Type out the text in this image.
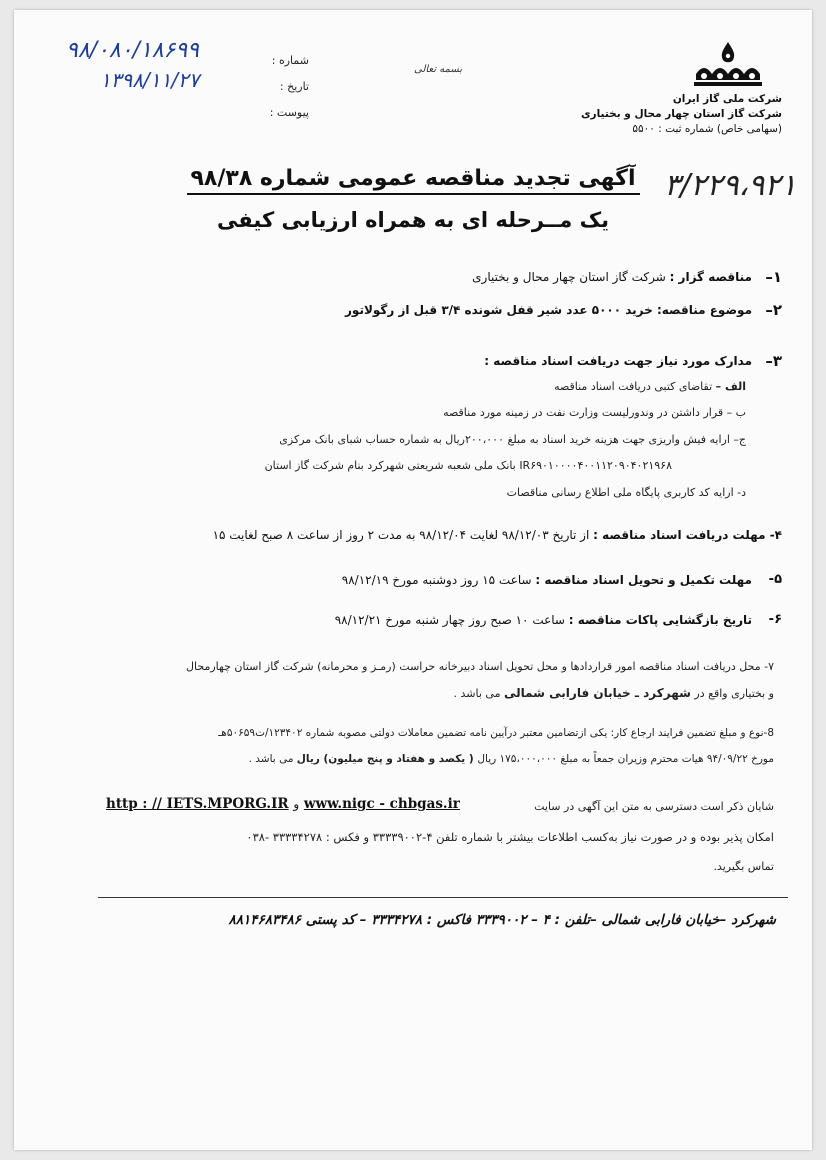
شرکت ملی گاز ایران
شرکت گاز استان چهار محال و بختیاری
(سهامی خاص) شماره ثبت : ۵۵۰۰
شماره :
تاریخ :
پیوست :
۹۸/۰۸۰/۱۸۶۹۹
۱۳۹۸/۱۱/۲۷	بسمه تعالی
۳/۲۲۹،۹۲۱
آگهی تجدید مناقصه عمومی شماره ۹۸/۳۸
یک مــرحله ای به همراه ارزیابی کیفی
۱–
مناقصه گزار : شرکت گاز استان چهار محال و بختیاری
۲–
موضوع مناقصه: خرید ۵۰۰۰ عدد شیر قفل شونده ۳/۴ قبل از رگولاتور
۳–
مدارک مورد نیاز جهت دریافت اسناد مناقصه :
الف – تقاضای کتبی دریافت اسناد مناقصه
ب – قرار داشتن در وندورلیست وزارت نفت در زمینه مورد مناقصه
ج– ارایه فیش واریزی جهت هزینه خرید اسناد به مبلغ ۲۰۰،۰۰۰ریال به شماره حساب شبای بانک مرکزی
IR۶۹۰۱۰۰۰۰۴۰۰۱۱۲۰۹۰۴۰۲۱۹۶۸ بانک ملی شعبه شریعتی شهرکرد بنام شرکت گاز استان
د- ارایه کد کاربری پایگاه ملی اطلاع رسانی مناقصات
۴- مهلت دریافت اسناد مناقصه : از تاریخ ۹۸/۱۲/۰۳ لغایت ۹۸/۱۲/۰۴ به مدت ۲ روز از ساعت ۸ صبح لغایت ۱۵
۵-
مهلت تکمیل و تحویل اسناد مناقصه : ساعت ۱۵ روز دوشنبه مورخ ۹۸/۱۲/۱۹
۶-
تاریخ بازگشایی پاکات مناقصه : ساعت ۱۰ صبح روز چهار شنبه مورخ ۹۸/۱۲/۲۱
۷- محل دریافت اسناد مناقصه امور قراردادها و محل تحویل اسناد دبیرخانه حراست (رمـز و محرمانه) شرکت گاز استان چهارمحال
و بختیاری واقع در شهرکرد ـ خیابان فارابی شمالی می باشد .
8-نوع و مبلغ تضمین فرایند ارجاع کار: یکی ازتضامین معتبر درآیین نامه تضمین معاملات دولتی مصوبه شماره ۱۲۳۴۰۲/ت۵۰۶۵۹هـ
مورخ ۹۴/۰۹/۲۲ هیات محترم وزیران جمعاً به مبلغ ۱۷۵،۰۰۰،۰۰۰ ریال ( یکصد و هفتاد و پنج میلیون) ریال می باشد .
http : // IETS.MPORG.IR و www.nigc - chbgas.ir	شایان ذکر است دسترسی به متن این آگهی در سایت
امکان پذیر بوده و در صورت نیاز به‌کسب اطلاعات بیشتر با شماره تلفن ۴-۳۳۳۳۹۰۰۲ و فکس : ۳۳۳۳۴۲۷۸ -۰۳۸
تماس بگیرید.
شهرکرد –خیابان فارابی شمالی –تلفن : ۴ – ۳۳۳۹۰۰۲ فاکس : ۳۳۳۴۲۷۸ – کد پستی ۸۸۱۴۶۸۳۴۸۶
